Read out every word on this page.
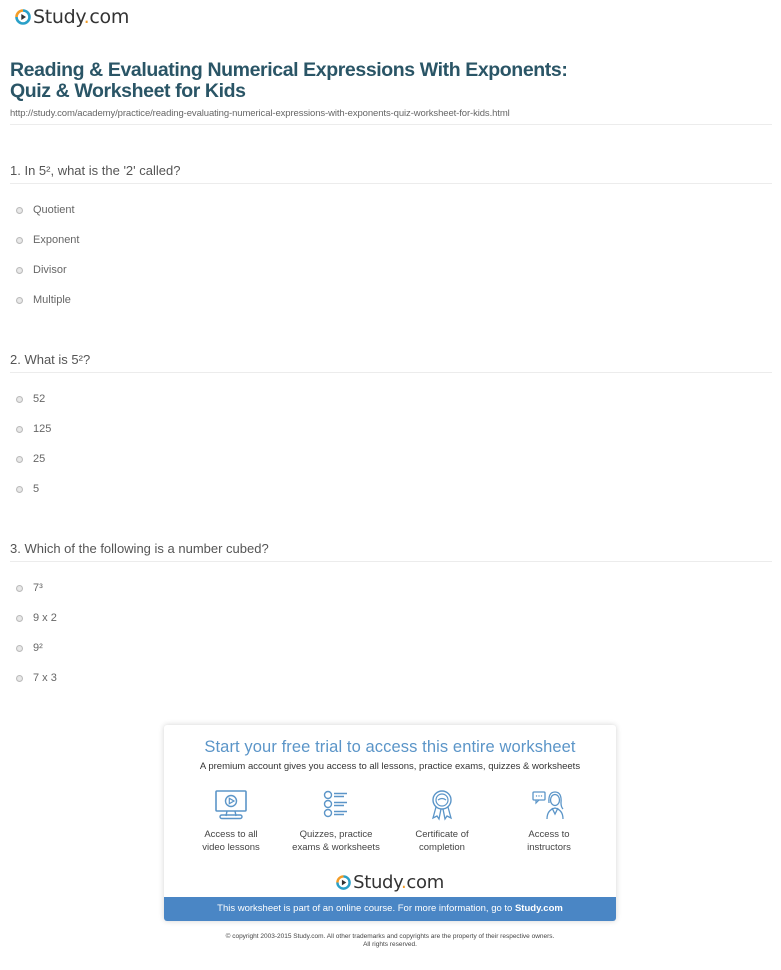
Study.com
Reading & Evaluating Numerical Expressions With Exponents: Quiz & Worksheet for Kids
http://study.com/academy/practice/reading-evaluating-numerical-expressions-with-exponents-quiz-worksheet-for-kids.html
1. In 5², what is the '2' called?
Quotient
Exponent
Divisor
Multiple
2. What is 5²?
52
125
25
5
3. Which of the following is a number cubed?
7³
9 x 2
9²
7 x 3
Start your free trial to access this entire worksheet
A premium account gives you access to all lessons, practice exams, quizzes & worksheets
Access to all
video lessons
Quizzes, practice
exams & worksheets
Certificate of
completion
Access to
instructors
Study.com
This worksheet is part of an online course. For more information, go to Study.com
© copyright 2003-2015 Study.com. All other trademarks and copyrights are the property of their respective owners.
All rights reserved.
